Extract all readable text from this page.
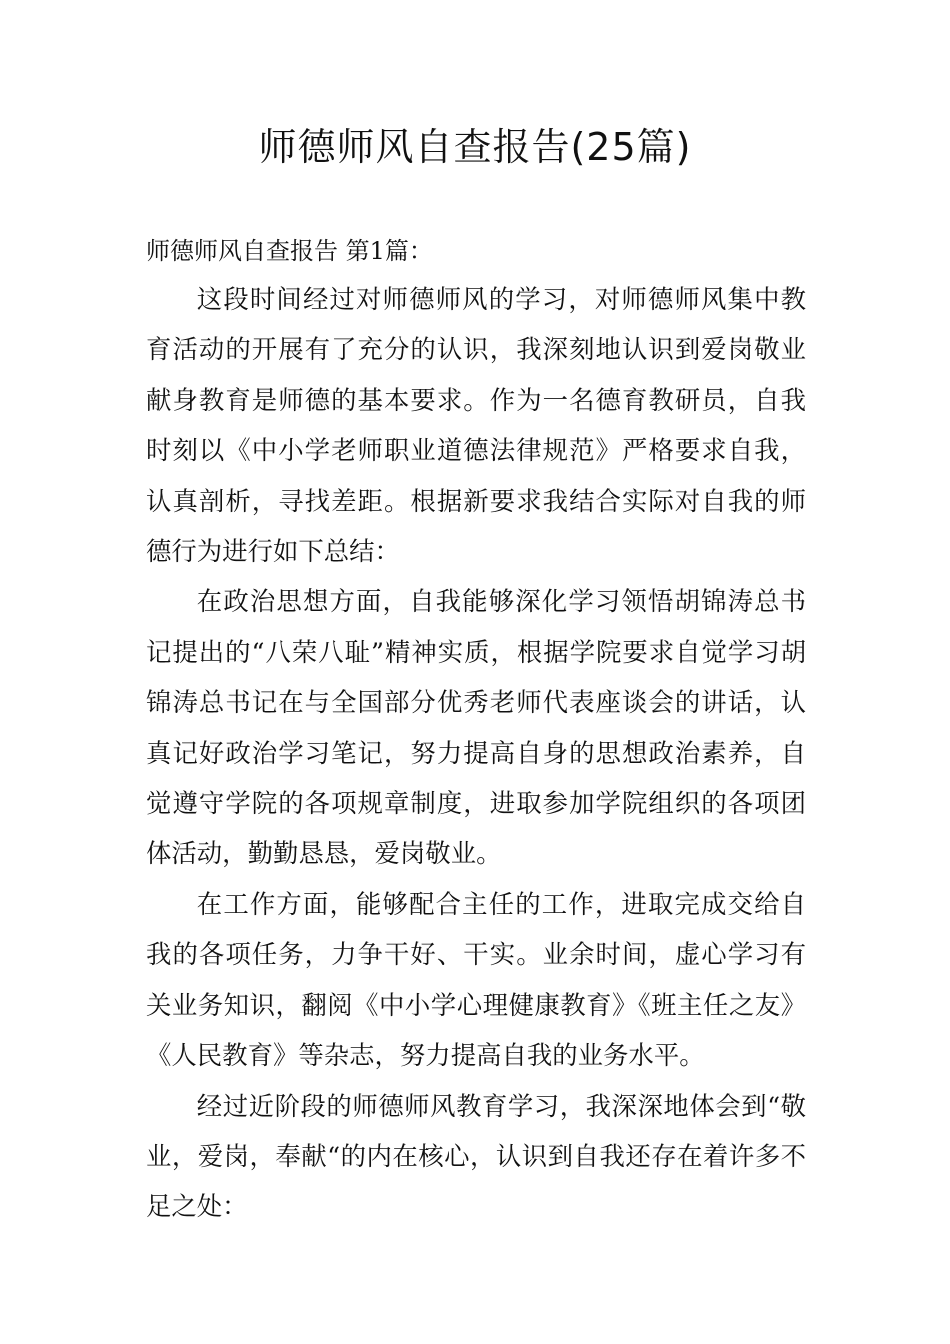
师德师风自查报告(25篇)

师德师风自查报告 第1篇：

这段时间经过对师德师风的学习，对师德师风集中教育活动的开展有了充分的认识，我深刻地认识到爱岗敬业献身教育是师德的基本要求。作为一名德育教研员，自我时刻以《中小学老师职业道德法律规范》严格要求自我，认真剖析，寻找差距。根据新要求我结合实际对自我的师德行为进行如下总结：

在政治思想方面，自我能够深化学习领悟胡锦涛总书记提出的“八荣八耻”精神实质，根据学院要求自觉学习胡锦涛总书记在与全国部分优秀老师代表座谈会的讲话，认真记好政治学习笔记，努力提高自身的思想政治素养，自觉遵守学院的各项规章制度，进取参加学院组织的各项团体活动，勤勤恳恳，爱岗敬业。

在工作方面，能够配合主任的工作，进取完成交给自我的各项任务，力争干好、干实。业余时间，虚心学习有关业务知识，翻阅《中小学心理健康教育》《班主任之友》《人民教育》等杂志，努力提高自我的业务水平。

经过近阶段的师德师风教育学习，我深深地体会到“敬业，爱岗，奉献“的内在核心，认识到自我还存在着许多不足之处：
